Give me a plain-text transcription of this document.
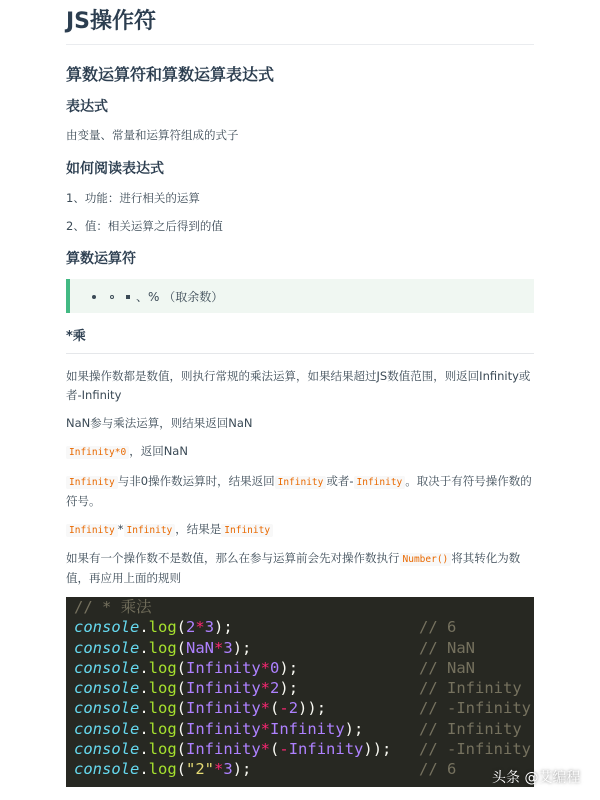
JS操作符
算数运算符和算数运算表达式
表达式
由变量、常量和运算符组成的式子
如何阅读表达式
1、功能：进行相关的运算
2、值：相关运算之后得到的值
算数运算符
、% （取余数）
*乘
如果操作数都是数值，则执行常规的乘法运算，如果结果超过JS数值范围，则返回Infinity或者-Infinity
NaN参与乘法运算，则结果返回NaN
Infinity*0 ，返回NaN
Infinity 与非0操作数运算时，结果返回 Infinity 或者- Infinity 。取决于有符号操作数的符号。
Infinity * Infinity ，结果是 Infinity
如果有一个操作数不是数值，那么在参与运算前会先对操作数执行 Number() 将其转化为数值，再应用上面的规则
// * 乘法
console.log(2*3);	// 6
console.log(NaN*3);	// NaN
console.log(Infinity*0);	// NaN
console.log(Infinity*2);	// Infinity
console.log(Infinity*(-2));	// -Infinity
console.log(Infinity*Infinity);	// Infinity
console.log(Infinity*(-Infinity)); // -Infinity
console.log("2"*3);	// 6	头条 @艾编程
